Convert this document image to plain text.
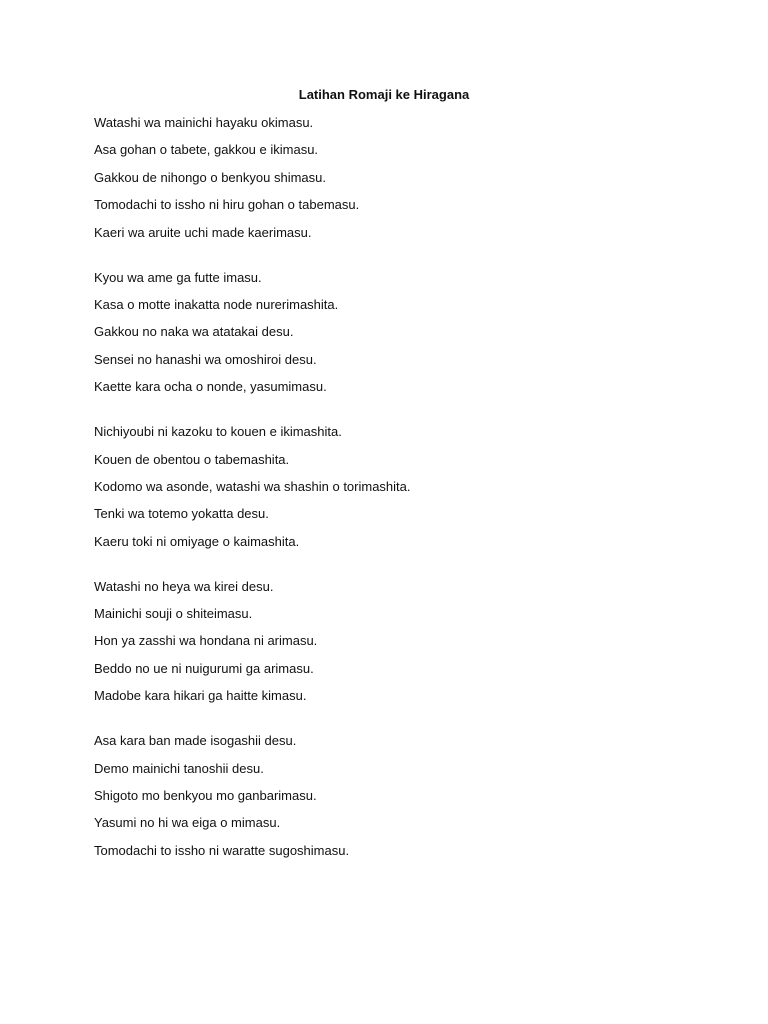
Latihan Romaji ke Hiragana
Watashi wa mainichi hayaku okimasu.
Asa gohan o tabete, gakkou e ikimasu.
Gakkou de nihongo o benkyou shimasu.
Tomodachi to issho ni hiru gohan o tabemasu.
Kaeri wa aruite uchi made kaerimasu.
Kyou wa ame ga futte imasu.
Kasa o motte inakatta node nurerimashita.
Gakkou no naka wa atatakai desu.
Sensei no hanashi wa omoshiroi desu.
Kaette kara ocha o nonde, yasumimasu.
Nichiyoubi ni kazoku to kouen e ikimashita.
Kouen de obentou o tabemashita.
Kodomo wa asonde, watashi wa shashin o torimashita.
Tenki wa totemo yokatta desu.
Kaeru toki ni omiyage o kaimashita.
Watashi no heya wa kirei desu.
Mainichi souji o shiteimasu.
Hon ya zasshi wa hondana ni arimasu.
Beddo no ue ni nuigurumi ga arimasu.
Madobe kara hikari ga haitte kimasu.
Asa kara ban made isogashii desu.
Demo mainichi tanoshii desu.
Shigoto mo benkyou mo ganbarimasu.
Yasumi no hi wa eiga o mimasu.
Tomodachi to issho ni waratte sugoshimasu.
